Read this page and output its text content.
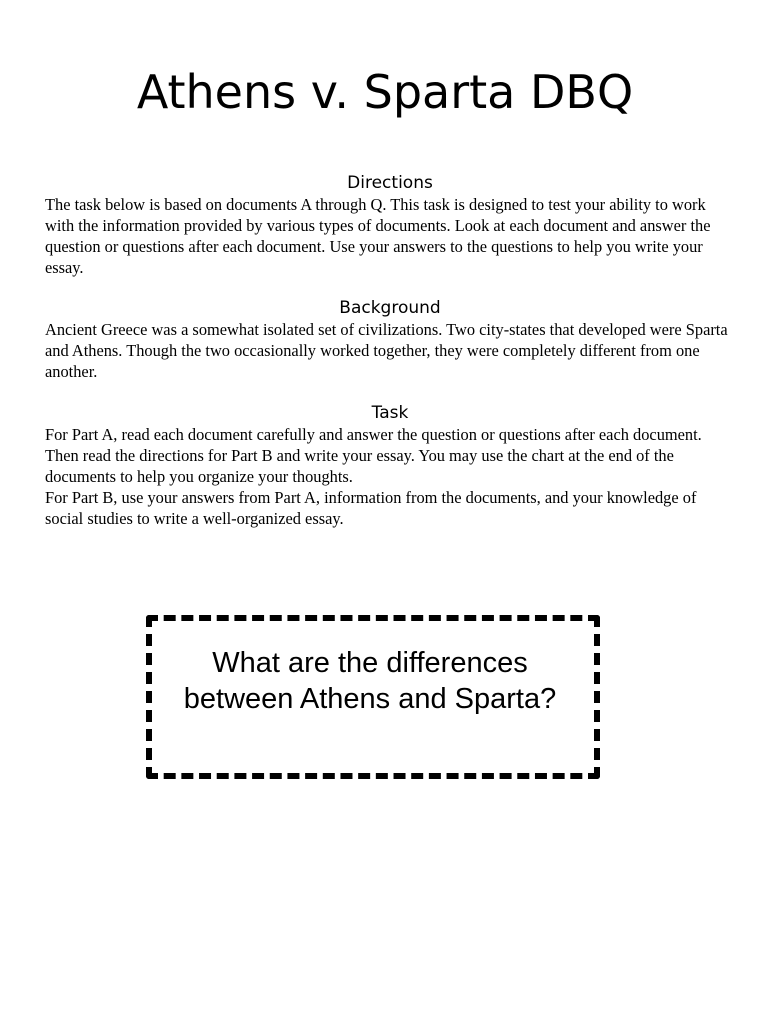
Athens v. Sparta DBQ
Directions

The task below is based on documents A through Q. This task is designed to test your ability to work with the information provided by various types of documents. Look at each document and answer the question or questions after each document. Use your answers to the questions to help you write your essay.

Background

Ancient Greece was a somewhat isolated set of civilizations. Two city-states that developed were Sparta and Athens. Though the two occasionally worked together, they were completely different from one another.

Task

For Part A, read each document carefully and answer the question or questions after each document. Then read the directions for Part B and write your essay. You may use the chart at the end of the documents to help you organize your thoughts.

For Part B, use your answers from Part A, information from the documents, and your knowledge of social studies to write a well-organized essay.

What are the differences
between Athens and Sparta?
